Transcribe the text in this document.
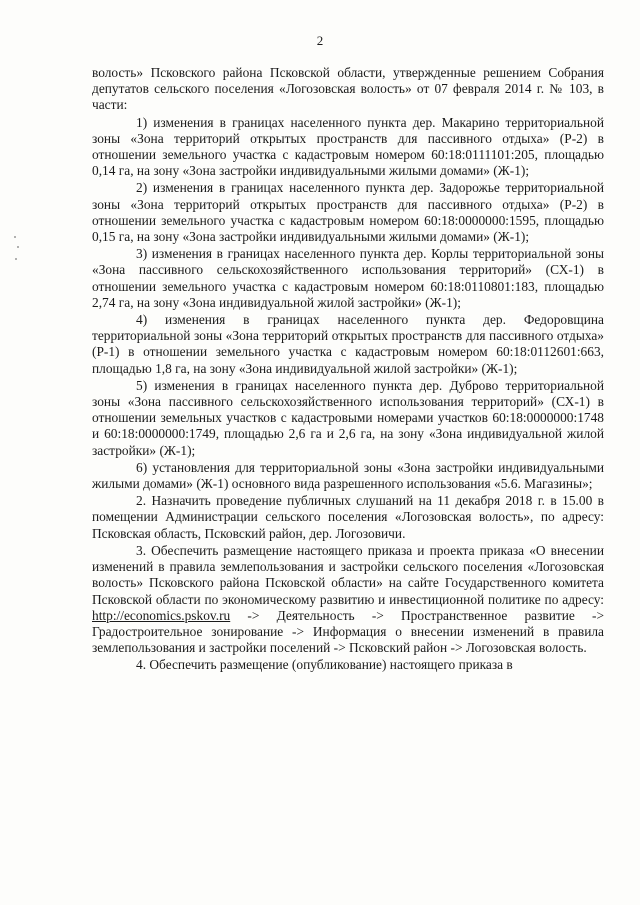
2

волость» Псковского района Псковской области, утвержденные решением Собрания депутатов сельского поселения «Логозовская волость» от 07 февраля 2014 г. № 103, в части:

1) изменения в границах населенного пункта дер. Макарино территориальной зоны «Зона территорий открытых пространств для пассивного отдыха» (Р-2) в отношении земельного участка с кадастровым номером 60:18:0111101:205, площадью 0,14 га, на зону «Зона застройки индивидуальными жилыми домами» (Ж-1);

2) изменения в границах населенного пункта дер. Задорожье территориальной зоны «Зона территорий открытых пространств для пассивного отдыха» (Р-2) в отношении земельного участка с кадастровым номером 60:18:0000000:1595, площадью 0,15 га, на зону «Зона застройки индивидуальными жилыми домами» (Ж-1);

3) изменения в границах населенного пункта дер. Корлы территориальной зоны «Зона пассивного сельскохозяйственного использования территорий» (СХ-1) в отношении земельного участка с кадастровым номером 60:18:0110801:183, площадью 2,74 га, на зону «Зона индивидуальной жилой застройки» (Ж-1);

4) изменения в границах населенного пункта дер. Федоровщина территориальной зоны «Зона территорий открытых пространств для пассивного отдыха» (Р-1) в отношении земельного участка с кадастровым номером 60:18:0112601:663, площадью 1,8 га, на зону «Зона индивидуальной жилой застройки» (Ж-1);

5) изменения в границах населенного пункта дер. Дуброво территориальной зоны «Зона пассивного сельскохозяйственного использования территорий» (СХ-1) в отношении земельных участков с кадастровыми номерами участков 60:18:0000000:1748 и 60:18:0000000:1749, площадью 2,6 га и 2,6 га, на зону «Зона индивидуальной жилой застройки» (Ж-1);

6) установления для территориальной зоны «Зона застройки индивидуальными жилыми домами» (Ж-1) основного вида разрешенного использования «5.6. Магазины»;

2. Назначить проведение публичных слушаний на 11 декабря 2018 г. в 15.00 в помещении Администрации сельского поселения «Логозовская волость», по адресу: Псковская область, Псковский район, дер. Логозовичи.

3. Обеспечить размещение настоящего приказа и проекта приказа «О внесении изменений в правила землепользования и застройки сельского поселения «Логозовская волость» Псковского района Псковской области» на сайте Государственного комитета Псковской области по экономическому развитию и инвестиционной политике по адресу: http://economics.pskov.ru -> Деятельность -> Пространственное развитие -> Градостроительное зонирование -> Информация о внесении изменений в правила землепользования и застройки поселений -> Псковский район -> Логозовская волость.

4. Обеспечить размещение (опубликование) настоящего приказа в
